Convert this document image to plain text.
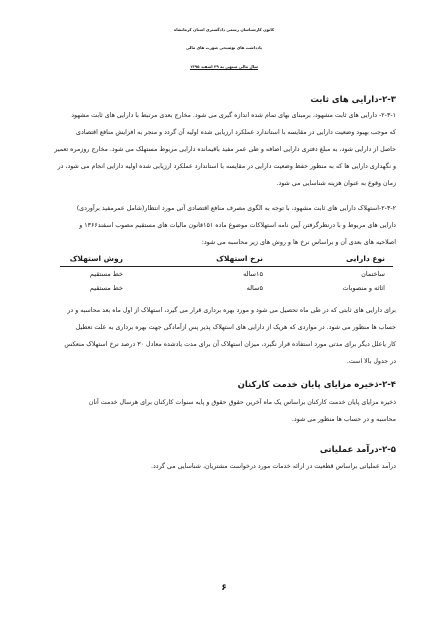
کانون کارشناسان رسمی دادگستری استان کرمانشاه
یادداشت های توضیحی صورت های مالی
سال مالی منتهی به ۲۹ اسفند ۱۳۹۵
۲-۳-دارایی های ثابت
۲-۳-۱- دارایی های ثابت مشهود، برمبنای بهای تمام شده اندازه گیری می شود. مخارج بعدی مرتبط با دارایی های ثابت مشهود
که موجب بهبود وضعیت دارایی در مقایسه با استاندارد عملکرد ارزیابی شده اولیه آن گردد و منجر به افزایش منافع اقتصادی
حاصل از دارایی شود، به مبلغ دفتری دارایی اضافه و طی عمر مفید باقیمانده دارایی مربوط مستهلک می شود. مخارج روزمره تعمیر
و نگهداری دارایی ها که به منظور حفظ وضعیت دارایی در مقایسه با استاندارد عملکرد ارزیابی شده اولیه دارایی انجام می شود، در
زمان وقوع به عنوان هزینه شناسایی می شود.
۲-۳-۲-استهلاک دارایی های ثابت مشهود، با توجه به الگوی مصرف منافع اقتصادی آتی مورد انتظار(شامل عمرمفید برآوردی)
دارایی های مربوط و با درنظرگرفتن آیین نامه استهلاکات موضوع ماده ۱۵۱قانون مالیات های مستقیم مصوب اسفند۱۳۶۶ و
اصلاحیه های بعدی آن و براساس نرخ ها و روش های زیر محاسبه می شود:
نوع دارایی
نرخ استهلاک
روش استهلاک
ساختمان
۱۵ساله
خط مستقیم
اثاثه و منصوبات
۵ساله
خط مستقیم
برای دارایی های ثابتی که در طی ماه تحصیل می شود و مورد بهره برداری قرار می گیرد، استهلاک از اول ماه بعد محاسبه و در
حساب ها منظور می شود. در مواردی که هریک از دارایی های استهلاک پذیر پس ازآمادگی جهت بهره برداری به علت تعطیل
کار یاعلل دیگر برای مدتی مورد استفاده قرار نگیرد، میزان استهلاک آن برای مدت یادشده معادل ۳۰ درصد نرخ استهلاک منعکس
در جدول بالا است.
۲-۴-ذخیره مزایای پایان خدمت کارکنان
ذخیره مزایای پایان خدمت کارکنان براساس یک ماه آخرین حقوق حقوق و پایه سنوات کارکنان برای هرسال خدمت آنان
محاسبه و در حساب ها منظور می شود.
۲-۵-درآمد عملیاتی
درآمد عملیاتی براساس قطعیت در ارائه خدمات مورد درخواست مشتریان، شناسایی می گردد.
۶
